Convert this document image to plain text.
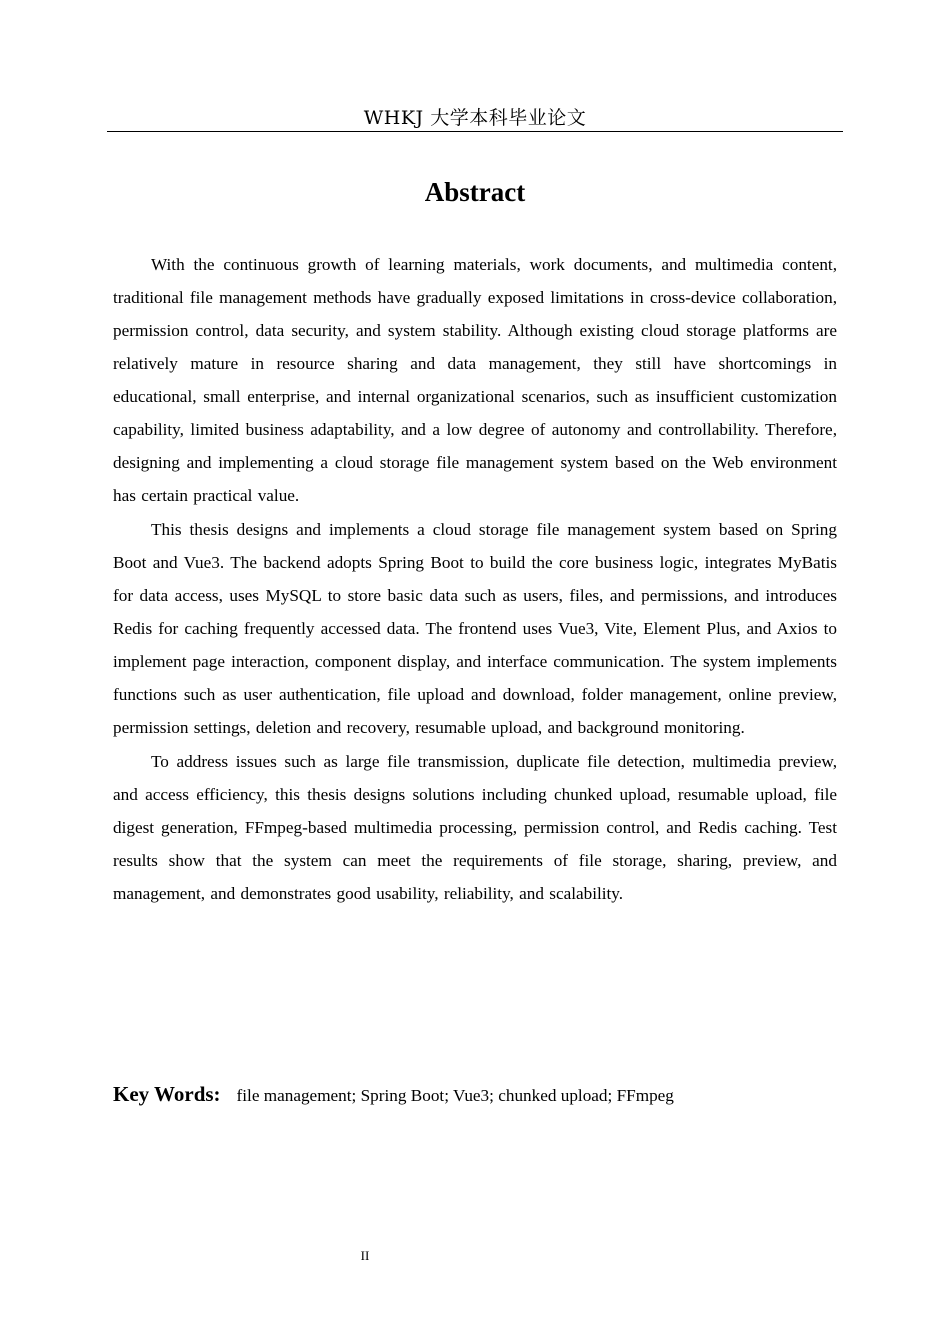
WHKJ 大学本科毕业论文
Abstract

With the continuous growth of learning materials, work documents, and multimedia content, traditional file management methods have gradually exposed limitations in cross-device collaboration, permission control, data security, and system stability. Although existing cloud storage platforms are relatively mature in resource sharing and data management, they still have shortcomings in educational, small enterprise, and internal organizational scenarios, such as insufficient customization capability, limited business adaptability, and a low degree of autonomy and controllability. Therefore, designing and implementing a cloud storage file management system based on the Web environment has certain practical value.

This thesis designs and implements a cloud storage file management system based on Spring Boot and Vue3. The backend adopts Spring Boot to build the core business logic, integrates MyBatis for data access, uses MySQL to store basic data such as users, files, and permissions, and introduces Redis for caching frequently accessed data. The frontend uses Vue3, Vite, Element Plus, and Axios to implement page interaction, component display, and interface communication. The system implements functions such as user authentication, file upload and download, folder management, online preview, permission settings, deletion and recovery, resumable upload, and background monitoring.

To address issues such as large file transmission, duplicate file detection, multimedia preview, and access efficiency, this thesis designs solutions including chunked upload, resumable upload, file digest generation, FFmpeg-based multimedia processing, permission control, and Redis caching. Test results show that the system can meet the requirements of file storage, sharing, preview, and management, and demonstrates good usability, reliability, and scalability.

Key Words: file management; Spring Boot; Vue3; chunked upload; FFmpeg
II
